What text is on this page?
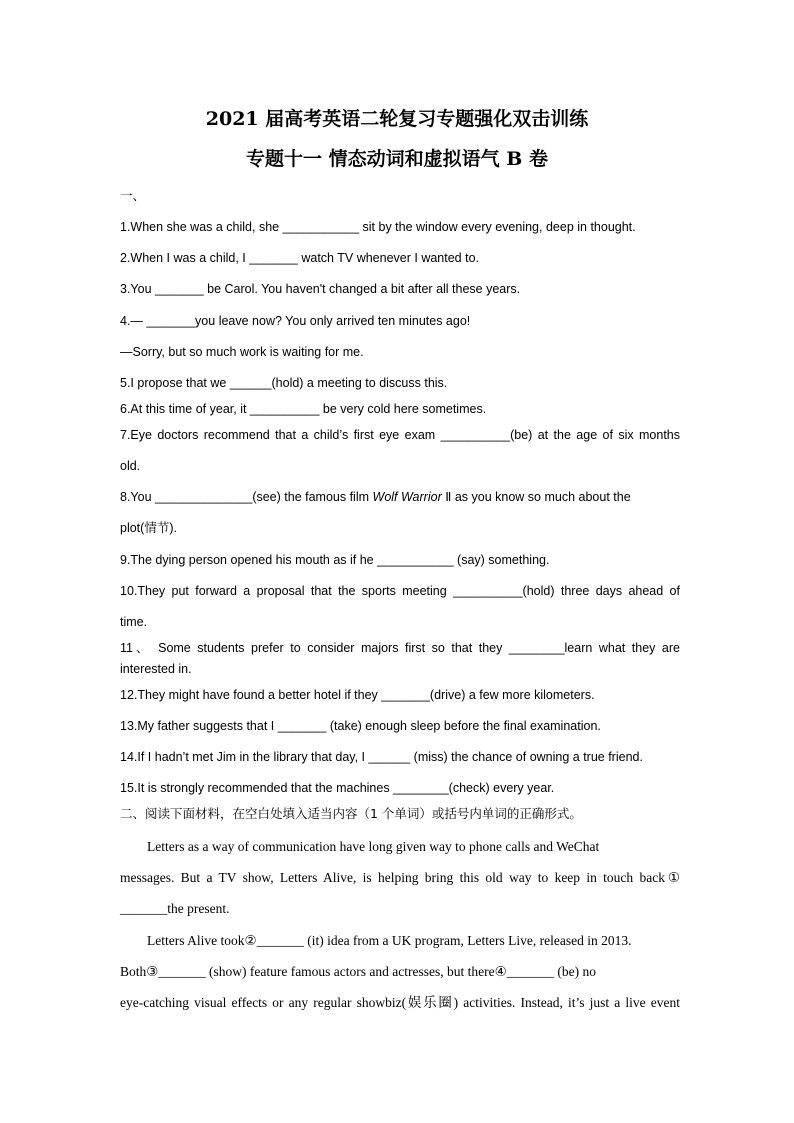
2021 届高考英语二轮复习专题强化双击训练
专题十一 情态动词和虚拟语气 B 卷
一、
1.When she was a child, she ___________ sit by the window every evening, deep in thought.
2.When I was a child, I _______ watch TV whenever I wanted to.
3.You _______ be Carol. You haven't changed a bit after all these years.
4.— _______you leave now? You only arrived ten minutes ago!
—Sorry, but so much work is waiting for me.
5.I propose that we ______(hold) a meeting to discuss this.
6.At this time of year, it __________ be very cold here sometimes.
7.Eye doctors recommend that a child’s first eye exam __________(be) at the age of six months
old.
8.You ______________(see) the famous film Wolf Warrior Ⅱ as you know so much about the
plot(情节).
9.The dying person opened his mouth as if he ___________ (say) something.
10.They put forward a proposal that the sports meeting __________(hold) three days ahead of
time.
11、 Some students prefer to consider majors first so that they ________learn what they are
interested in.
12.They might have found a better hotel if they _______(drive) a few more kilometers.
13.My father suggests that I _______ (take) enough sleep before the final examination.
14.If I hadn’t met Jim in the library that day, I ______ (miss) the chance of owning a true friend.
15.It is strongly recommended that the machines ________(check) every year.
二、阅读下面材料，在空白处填入适当内容（1 个单词）或括号内单词的正确形式。
Letters as a way of communication have long given way to phone calls and WeChat
messages. But a TV show, Letters Alive, is helping bring this old way to keep in touch back①
_______the present.
Letters Alive took②_______ (it) idea from a UK program, Letters Live, released in 2013.
Both③_______ (show) feature famous actors and actresses, but there④_______ (be) no
eye-catching visual effects or any regular showbiz(娱乐圈) activities. Instead, it’s just a live event
